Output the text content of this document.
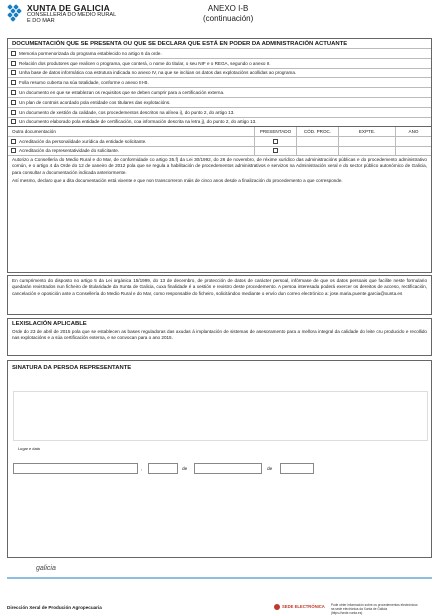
XUNTA DE GALICIA
CONSELLERÍA DO MEDIO RURAL
E DO MAR
ANEXO I-B
(continuación)
DOCUMENTACIÓN QUE SE PRESENTA OU QUE SE DECLARA QUE ESTÁ EN PODER DA ADMINISTRACIÓN ACTUANTE
Memoria pormenorizada do programa establecido no artigo 6 da orde.
Relación dos produtores que realicen o programa, que conterá, o nome do titular, o seu NIF e o REGA, segundo o anexo II.
Unha base de datos informática coa estrutura indicada no anexo IV, na que se inclúan os datos das explotacións acollidas ao programa.
Folla resumo cuberta na súa totalidade, conforme o anexo III-B.
Un documento en que se establezan os requisitos que se deben cumprir para a certificación externa.
Un plan de controis acordado pola entidade cos titulares das explotacións.
Un documento de xestión da calidade, cos procedementos descritos na alínea i), do punto 2, do artigo 13.
Un documento elaborado pola entidade de certificación, coa información descrita na letra j), do punto 2, do artigo 13.
Outra documentación	PRESENTADO	CÓD. PROC.	EXPTE.	ANO
Acreditación da personalidade xurídica da entidade solicitante.
Acreditación da representatividade do solicitante.

Autorizo a Consellería do Medio Rural e do Mar, de conformidade co artigo 35.f) da Lei 30/1992, do 26 de novembro, de réxime xurídico das administracións públicas e do procedemento administrativo común, e o artigo 4 da Orde do 12 de xaneiro de 2012 pola que se regula a habilitación de procedementos administrativos e servizos na Administración xeral e do sector público autonómico de Galicia, para consultar a documentación indicada anteriormente.

Así mesmo, declaro que a dita documentación está vixente e que non transcorreron máis de cinco anos desde a finalización do procedemento a que corresponde.

En cumprimento do disposto no artigo 5 da Lei orgánica 15/1999, do 13 de decembro, de protección de datos de carácter persoal, infórmase de que os datos persoais que facilite neste formulario quedarán rexistrados nun ficheiro de titularidade da Xunta de Galicia, cuxa finalidade é a xestión e rexistro deste procedemento. A persoa interesada poderá exercer os dereitos de acceso, rectificación, cancelación e oposición ante a Consellería do Medio Rural e do Mar, como responsable do ficheiro, solicitándoo mediante o envío dun correo electrónico a: jose.maria.puente.garcia@xunta.es

LEXISLACIÓN APLICABLE

Orde do 23 de abril de 2015 pola que se establecen as bases reguladoras das axudas á implantación de sistemas de asesoramento para a mellora integral da calidade do leite cru producido e recollido nas explotacións e a súa certificación externa, e se convocan para o ano 2015.

SINATURA DA PERSOA REPRESENTANTE
Lugar e data
,	de	de
galicia
Dirección Xeral de Produción Agropecuaria	SEDE ELECTRÓNICA Pode obter información sobre os procedementos electrónicos na sede electrónica da Xunta de Galicia (https://sede.xunta.es)
